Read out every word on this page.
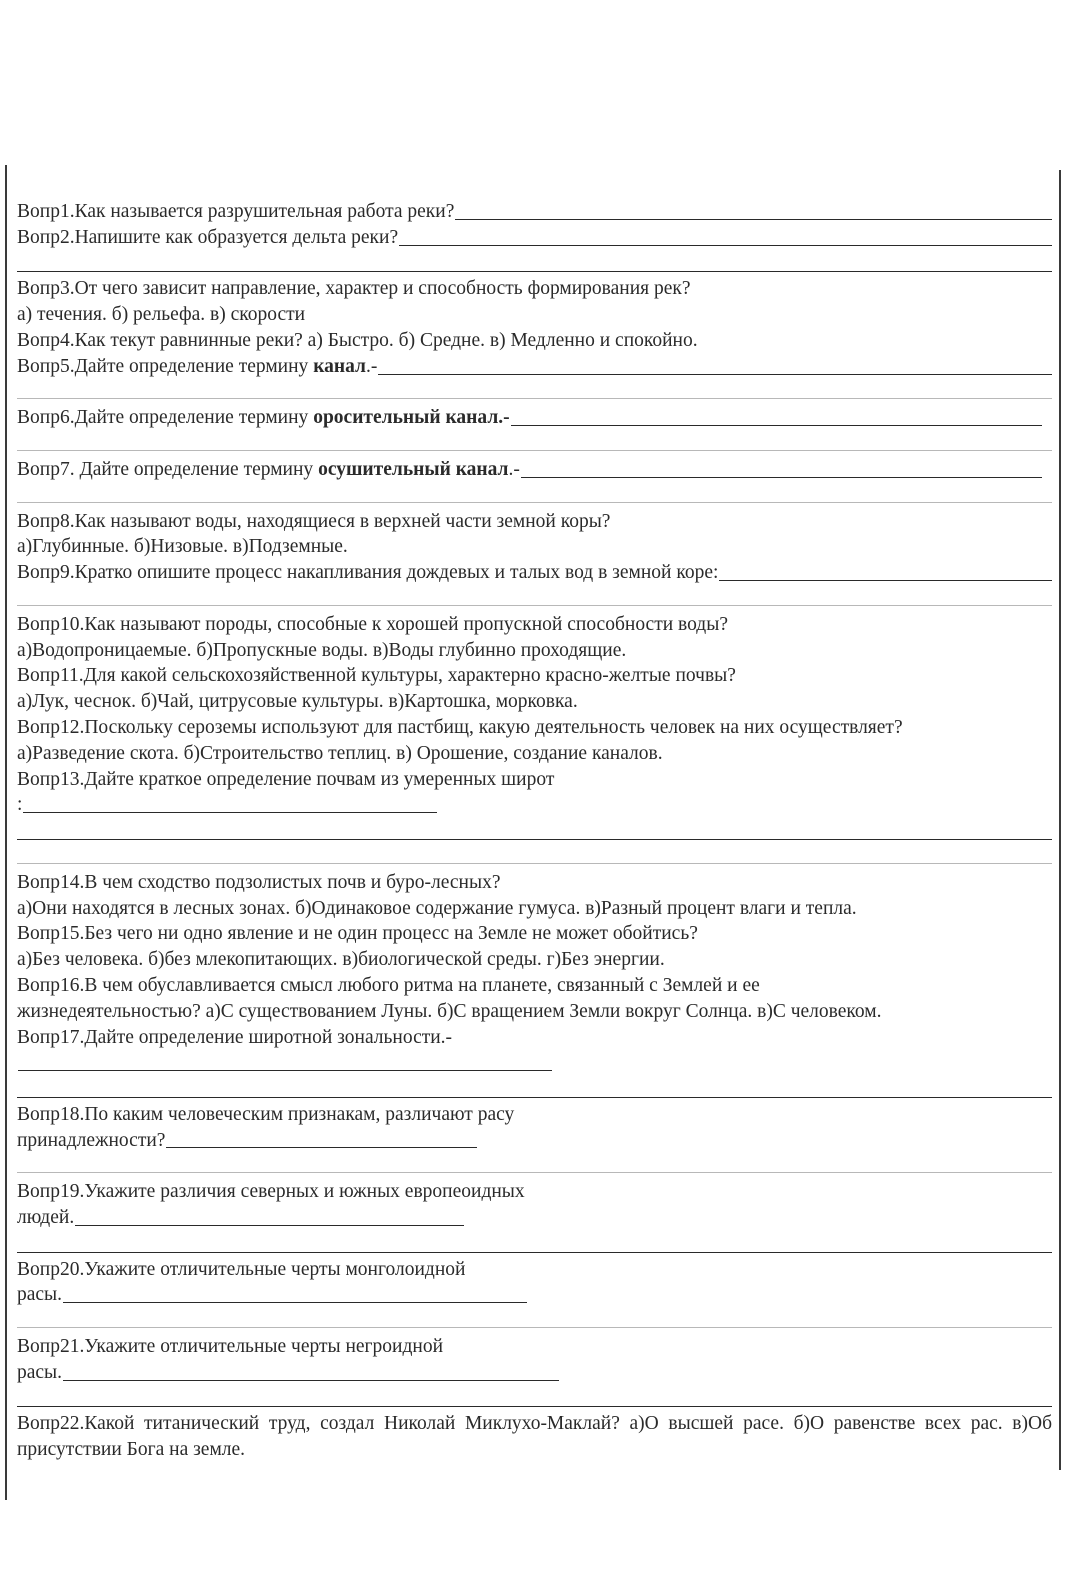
Вопр1.Как называется разрушительная работа реки?
Вопр2.Напишите как образуется дельта реки?
Вопр3.От чего зависит направление, характер и способность формирования рек?
а) течения. б) рельефа. в) скорости
Вопр4.Как текут равнинные реки? а) Быстро. б) Средне. в) Медленно и спокойно.
Вопр5.Дайте определение термину канал .-
Вопр6.Дайте определение термину оросительный канал.-
Вопр7. Дайте определение термину осушительный канал .-
Вопр8.Как называют воды, находящиеся в верхней части земной коры?
а)Глубинные. б)Низовые. в)Подземные.
Вопр9.Кратко опишите процесс накапливания дождевых и талых вод в земной коре:
Вопр10.Как называют породы, способные к хорошей пропускной способности воды?
а)Водопроницаемые. б)Пропускные воды. в)Воды глубинно проходящие.
Вопр11.Для какой сельскохозяйственной культуры, характерно красно-желтые почвы?
а)Лук, чеснок. б)Чай, цитрусовые культуры. в)Картошка, морковка.
Вопр12.Поскольку сероземы используют для пастбищ, какую деятельность человек на них осуществляет?
а)Разведение скота. б)Строительство теплиц. в) Орошение, создание каналов.
Вопр13.Дайте краткое определение почвам из умеренных широт
:
Вопр14.В чем сходство подзолистых почв и буро-лесных?
а)Они находятся в лесных зонах. б)Одинаковое содержание гумуса. в)Разный процент влаги и тепла.
Вопр15.Без чего ни одно явление и не один процесс на Земле не может обойтись?
а)Без человека. б)без млекопитающих. в)биологической среды. г)Без энергии.
Вопр16.В чем обуславливается смысл любого ритма на планете, связанный с Землей и ее
жизнедеятельностью? а)С существованием Луны. б)С вращением Земли вокруг Солнца. в)С человеком.
Вопр17.Дайте определение широтной зональности.-
Вопр18.По каким человеческим признакам, различают расу
принадлежности?
Вопр19.Укажите различия северных и южных европеоидных
людей.
Вопр20.Укажите отличительные черты монголоидной
расы.
Вопр21.Укажите отличительные черты негроидной
расы.
Вопр22.Какой титанический труд, создал Николай Миклухо-Маклай? а)О высшей расе. б)О равенстве всех рас. в)Об присутствии Бога на земле.
